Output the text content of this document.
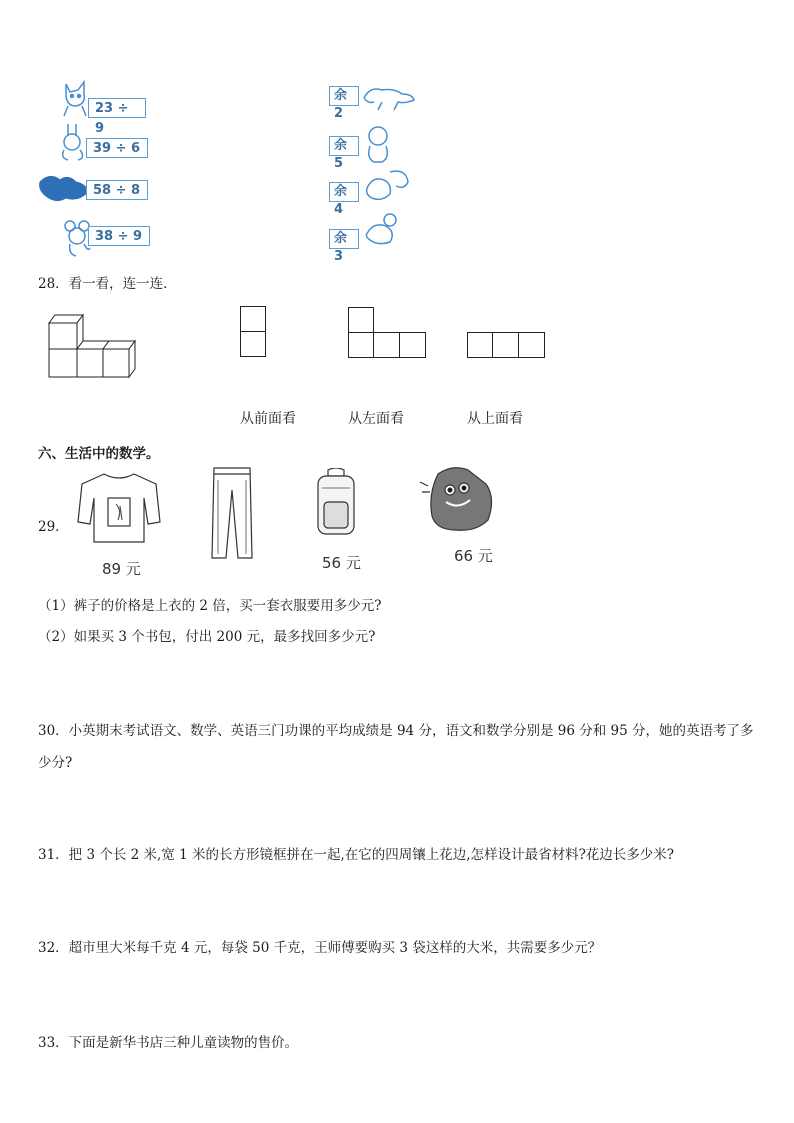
23 ÷ 9
39 ÷ 6
58 ÷ 8
38 ÷ 9
余2
余5
余4
余3
28．看一看，连一连．
从前面看	从左面看	从上面看
六、生活中的数学。
29．
89 元	56 元	66 元
（1）裤子的价格是上衣的 2 倍，买一套衣服要用多少元?
（2）如果买 3 个书包，付出 200 元，最多找回多少元?
30．小英期末考试语文、数学、英语三门功课的平均成绩是 94 分，语文和数学分别是 96 分和 95 分，她的英语考了多
少分?
31．把 3 个长 2 米,宽 1 米的长方形镜框拼在一起,在它的四周镶上花边,怎样设计最省材料?花边长多少米?
32．超市里大米每千克 4 元，每袋 50 千克，王师傅要购买 3 袋这样的大米，共需要多少元？
33．下面是新华书店三种儿童读物的售价。
